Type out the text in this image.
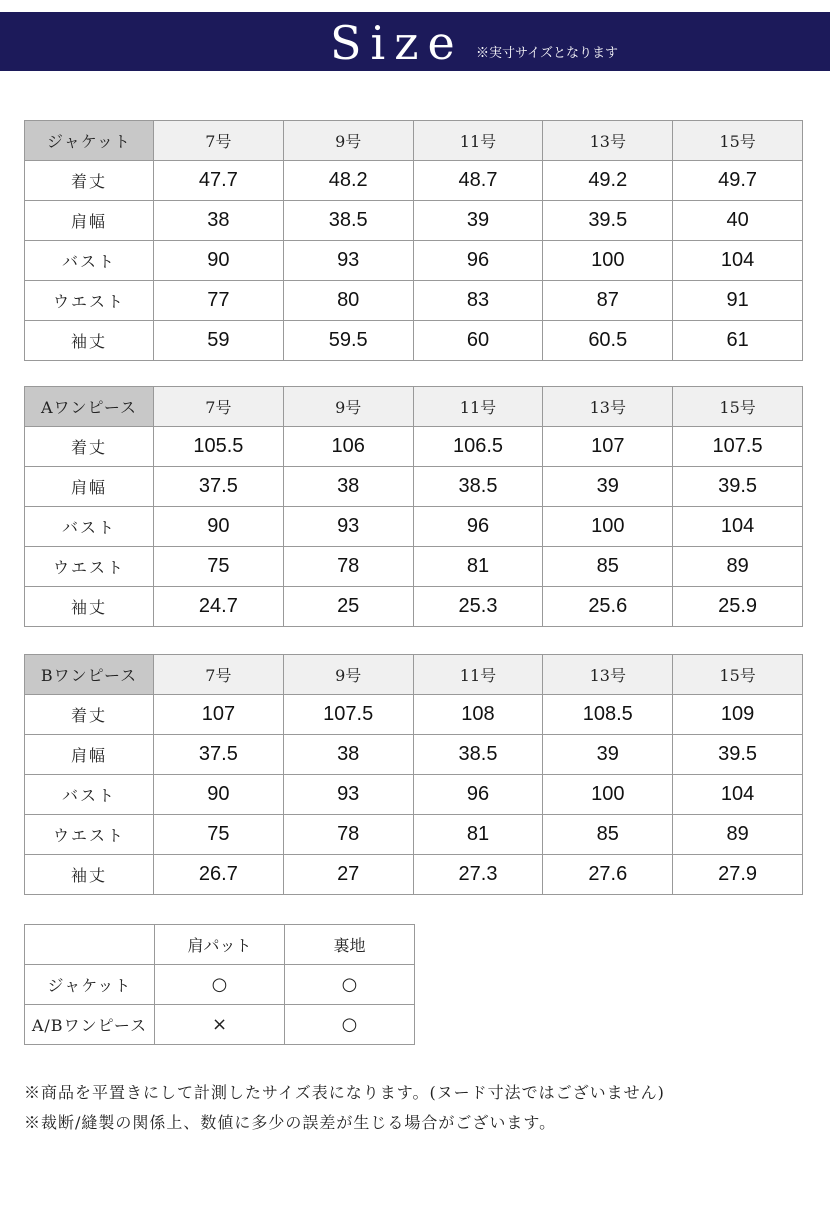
Size ※実寸サイズとなります
ジャケット	7号	9号	11号	13号	15号
着丈	47.7	48.2	48.7	49.2	49.7
肩幅	38	38.5	39	39.5	40
バスト	90	93	96	100	104
ウエスト	77	80	83	87	91
袖丈	59	59.5	60	60.5	61
Aワンピース	7号	9号	11号	13号	15号
着丈	105.5	106	106.5	107	107.5
肩幅	37.5	38	38.5	39	39.5
バスト	90	93	96	100	104
ウエスト	75	78	81	85	89
袖丈	24.7	25	25.3	25.6	25.9
Bワンピース	7号	9号	11号	13号	15号
着丈	107	107.5	108	108.5	109
肩幅	37.5	38	38.5	39	39.5
バスト	90	93	96	100	104
ウエスト	75	78	81	85	89
袖丈	26.7	27	27.3	27.6	27.9
	肩パット	裏地
ジャケット	○	○
A/Bワンピース	×	○
※商品を平置きにして計測したサイズ表になります。(ヌード寸法ではございません)
※裁断/縫製の関係上、数値に多少の誤差が生じる場合がございます。
